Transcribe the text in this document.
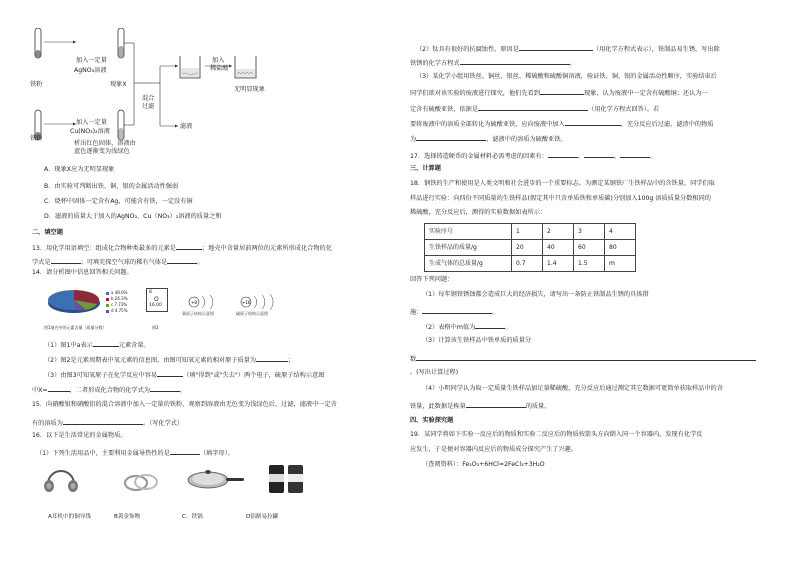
加入一定量
AgNO₃溶液
铁粉	现象X
混合
过滤
加入
稀盐酸
无明显现象
加入一定量
Cu(NO₃)₂溶液
铁粉
析出红色固体，溶液由
蓝色逐渐变为浅绿色
滤液
A．现象X应为无明显现象
B．由实验可判断出铁、铜、银的金属活动性强弱
C．烧杯中固体一定含有Ag，可能含有铁，一定没有铜
D．滤液的质量大于加入的AgNO₃、Cu（NO₃）₂溶液的质量之和
二、填空题
13．用化学用语填空：组成化合物种类最多的元素是	；地壳中含量居前两位的元素所形成化合物的化
学式是	；可填充探空气球的稀有气体是	。
14．请分析图中信息回答相关问题。
a 48.6%
b 26.3%
c 7.73%
d 4.75%
图1地壳中的元素含量（质量分数）
8
O
16.00
图2
+8
氧原子结构示意图
+16
硫原子结构示意图
（1）图1中a表示	元素含量。
（2）图2是元素周期表中氧元素的信息图，由图可知氧元素的相对原子质量为	；
（3）由图3可知氧原子在化学反应中容易	（填"得到"或"失去"）两个电子，硫原子结构示意图
中X=	，二者形成化合物的化学式为	。
15．向硝酸银和硝酸铝的混合溶液中加入一定量的铁粉，观察到溶液由无色变为浅绿色后，过滤，滤液中一定含
有的溶质为	。（写化学式）
16．以下是生活常见的金属物质。
（1）下列生活用品中，主要利用金属导热性的是	（填字母）。
A耳机中的铜导线	B黄金饰物	C．铁锅	D铝制易拉罐
（2）钛具有很好的抗腐蚀性，原因是	（用化学方程式表示），铁制品易生锈，写出除
铁锈的化学方程式	。
（3）某化学小组用铁丝、铜丝、银丝、稀硫酸和硫酸铜溶液，验证铁、铜、银的金属活动性顺序，实验结束后
同学们欲对该实验的废液进行探究，他们先看到	现象，认为废液中一定含有硫酸铜；还认为一
定含有硫酸亚铁，依据是	（用化学方程式回答）。若
要将废液中的溶质全部转化为硫酸亚铁，应向废液中加入	，充分反应后过滤，滤渣中的物质
为	，滤液中的溶质为硫酸亚铁。
17．选择铸造硬币的金属材料必需考虑的因素有：	、	、	。
三、计算题
18．钢铁的生产和使用是人类文明和社会进步的一个重要标志。为测定某钢铁厂生铁样品中的含铁量，同学们取
样品进行实验：向四份不同质量的生铁样品(假定其中只含单质铁和单质碳)分别加入100g 溶质质量分数相同的
稀硫酸，充分反应后，测得的实验数据如表所示：
实验序号	1	2	3	4
生铁样品的质量/g	20	40	60	80
生成气体的总质量/g	0.7	1.4	1.5	m
回答下列问题：
（1）每年钢铁锈蚀都会造成巨大的经济损失，请写出一条防止铁制品生锈的具体措
施：	。
（2）表格中m值为	。
（3）计算该生铁样品中铁单质的质量分
数
。(写出计算过程)
（4）小明同学认为取一定质量生铁样品加足量稀硫酸，充分反应后通过测定其它数据可更简单获取样品中的含
铁量，此数据是称量	的质量。
四、实验探究题
19．某同学将如下实验一反应后的物质和实验二反应后的物质按箭头方向倒入同一个容器内，发现有化学反
应发生，于是便对容器内反应后的物质成分探究产生了兴趣。
（查阅资料）：Fe₂O₃+6HCl=2FeCl₃+3H₂O
